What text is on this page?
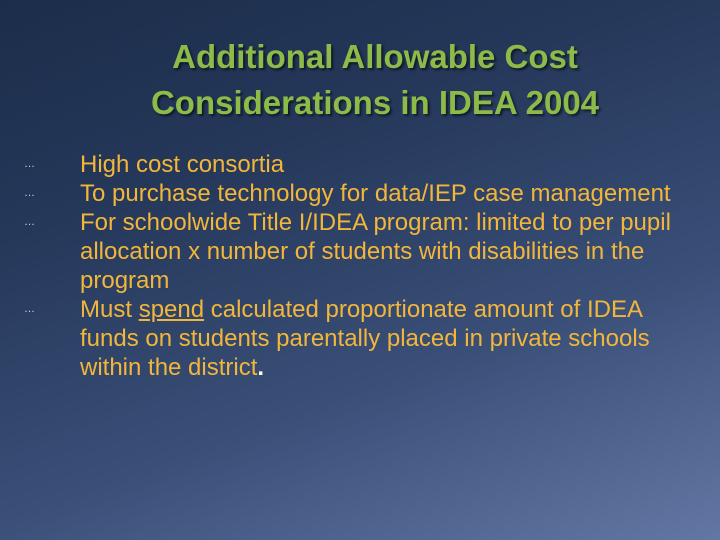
Additional Allowable Cost
Considerations in IDEA 2004
… High cost consortia
… To purchase technology for data/IEP case management
… For schoolwide Title I/IDEA program: limited to per pupil allocation x number of students with disabilities in the program
… Must spend calculated proportionate amount of IDEA funds on students parentally placed in private schools within the district.
